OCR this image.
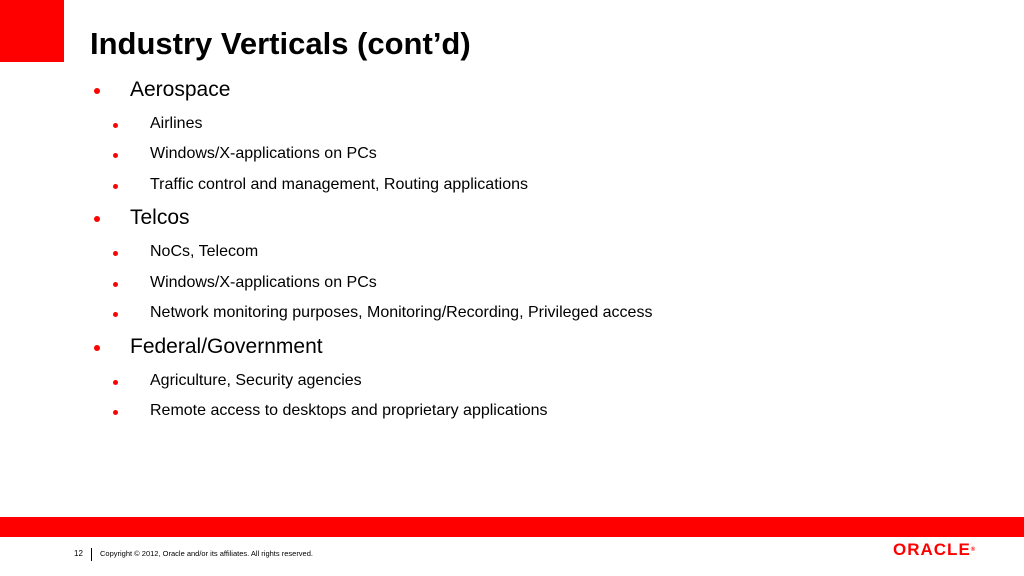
Industry Verticals (cont’d)
Aerospace
Airlines
Windows/X-applications on PCs
Traffic control and management, Routing applications
Telcos
NoCs, Telecom
Windows/X-applications on PCs
Network monitoring purposes, Monitoring/Recording, Privileged access
Federal/Government
Agriculture, Security agencies
Remote access to desktops and proprietary applications
ORACLE®
12 Copyright © 2012, Oracle and/or its affiliates. All rights reserved.
